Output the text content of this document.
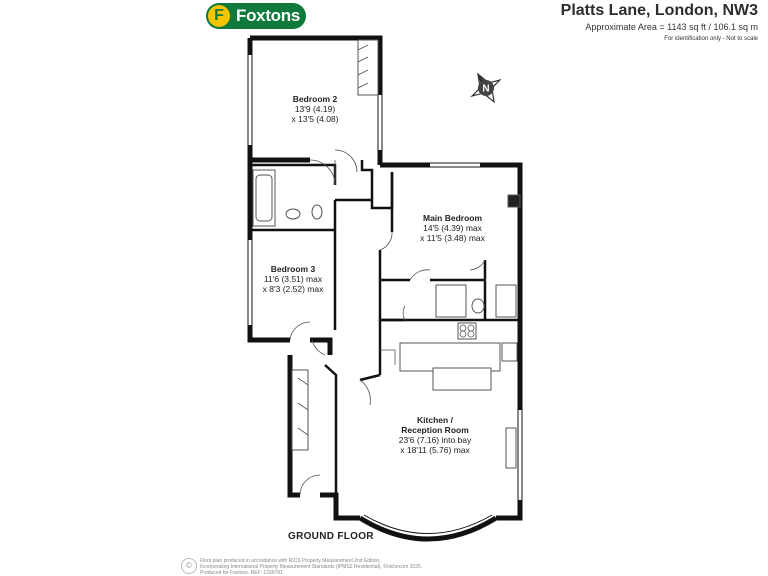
F Foxtons	Platts Lane, London, NW3
Approximate Area = 1143 sq ft / 106.1 sq m
For identification only - Not to scale
N
Bedroom 2
13'9 (4.19)
x 13'5 (4.08)
Bedroom 3
11'6 (3.51) max
x 8'3 (2.52) max
Main Bedroom
14'5 (4.39) max
x 11'5 (3.48) max
Kitchen /
Reception Room
23'6 (7.16) into bay
x 18'11 (5.76) max
GROUND FLOOR
©	Floor plan produced in accordance with RICS Property Measurement 2nd Edition,
Incorporating International Property Measurement Standards (IPMS2 Residential). ©nichecom 2025.
Produced for Foxtons. REF: 1339791
